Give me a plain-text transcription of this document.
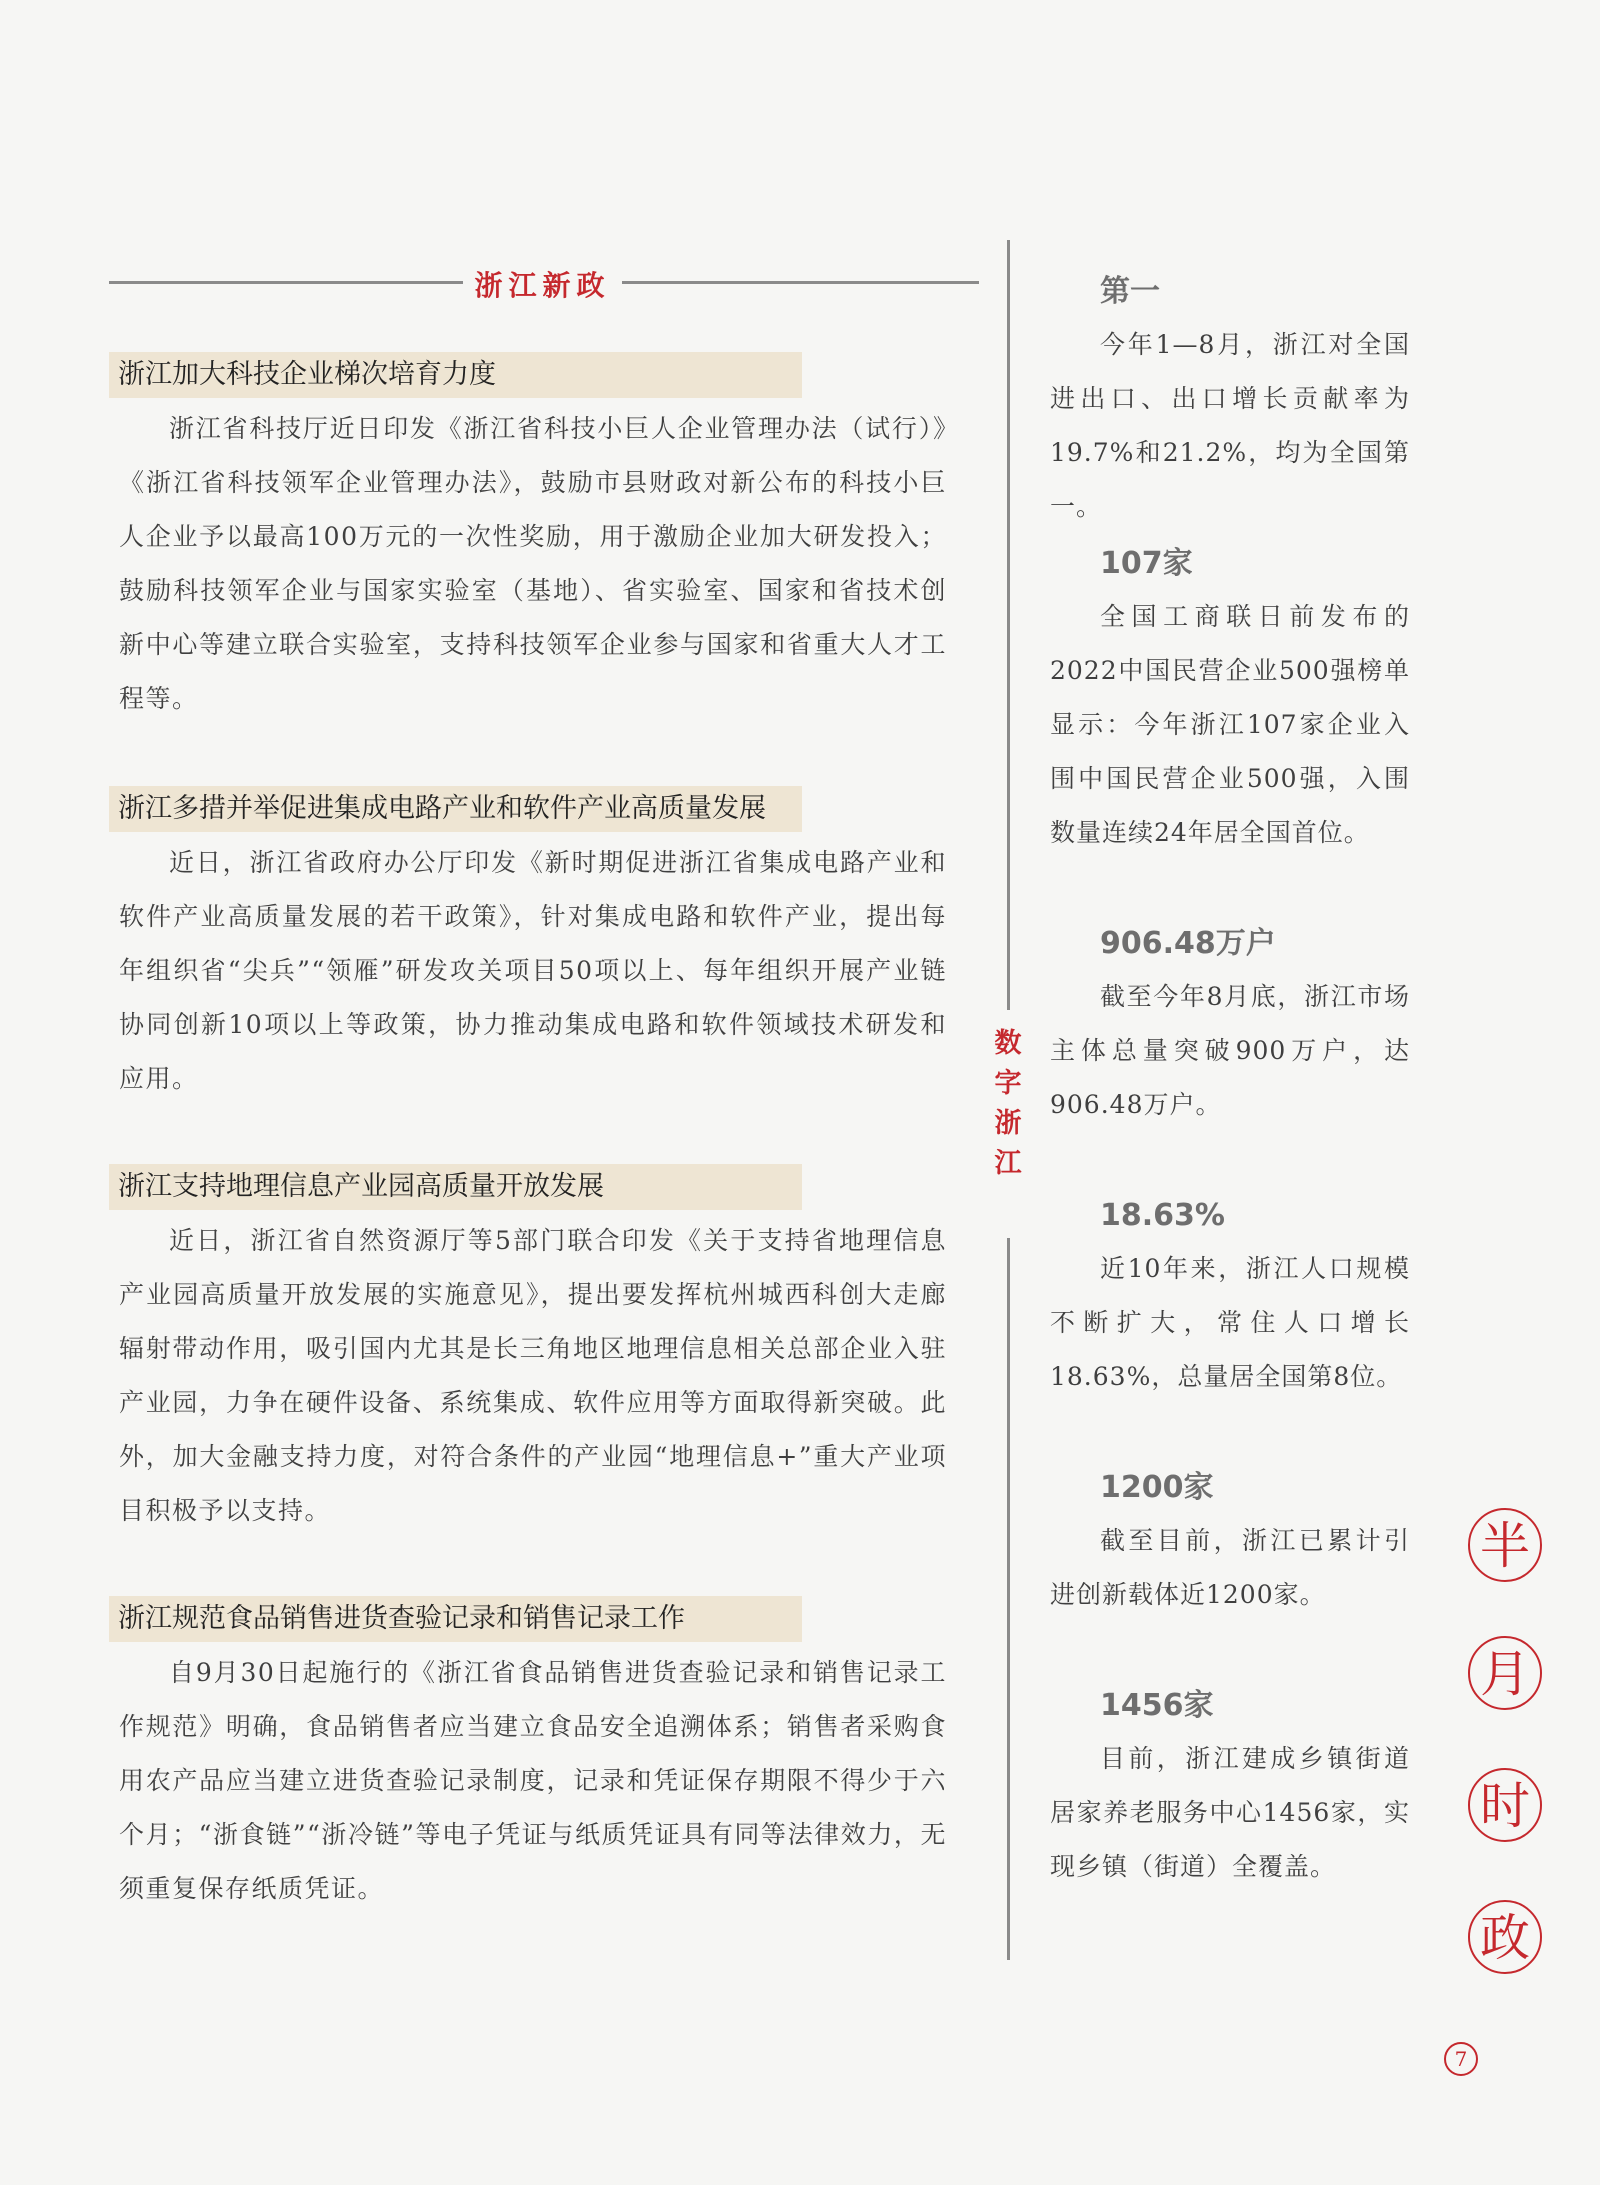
浙江新政
浙江加大科技企业梯次培育力度

浙江省科技厅近日印发《浙江省科技小巨人企业管理办法（试行）》《浙江省科技领军企业管理办法》，鼓励市县财政对新公布的科技小巨人企业予以最高100万元的一次性奖励，用于激励企业加大研发投入；鼓励科技领军企业与国家实验室（基地）、省实验室、国家和省技术创新中心等建立联合实验室，支持科技领军企业参与国家和省重大人才工程等。

浙江多措并举促进集成电路产业和软件产业高质量发展

近日，浙江省政府办公厅印发《新时期促进浙江省集成电路产业和软件产业高质量发展的若干政策》，针对集成电路和软件产业，提出每年组织省“尖兵”“领雁”研发攻关项目50项以上、每年组织开展产业链协同创新10项以上等政策，协力推动集成电路和软件领域技术研发和应用。

浙江支持地理信息产业园高质量开放发展

近日，浙江省自然资源厅等5部门联合印发《关于支持省地理信息产业园高质量开放发展的实施意见》，提出要发挥杭州城西科创大走廊辐射带动作用，吸引国内尤其是长三角地区地理信息相关总部企业入驻产业园，力争在硬件设备、系统集成、软件应用等方面取得新突破。此外，加大金融支持力度，对符合条件的产业园“地理信息+”重大产业项目积极予以支持。

浙江规范食品销售进货查验记录和销售记录工作

自9月30日起施行的《浙江省食品销售进货查验记录和销售记录工作规范》明确，食品销售者应当建立食品安全追溯体系；销售者采购食用农产品应当建立进货查验记录制度，记录和凭证保存期限不得少于六个月；“浙食链”“浙冷链”等电子凭证与纸质凭证具有同等法律效力，无须重复保存纸质凭证。

数
字
浙
江
第一

今年1—8月，浙江对全国进出口、出口增长贡献率为19.7%和21.2%，均为全国第一。

107家

全国工商联日前发布的2022中国民营企业500强榜单显示：今年浙江107家企业入围中国民营企业500强，入围数量连续24年居全国首位。

906.48万户

截至今年8月底，浙江市场主体总量突破900万户，达906.48万户。

18.63%

近10年来，浙江人口规模不断扩大，常住人口增长18.63%，总量居全国第8位。

1200家

截至目前，浙江已累计引进创新载体近1200家。

1456家

目前，浙江建成乡镇街道居家养老服务中心1456家，实现乡镇（街道）全覆盖。

半
月
时
政
7
